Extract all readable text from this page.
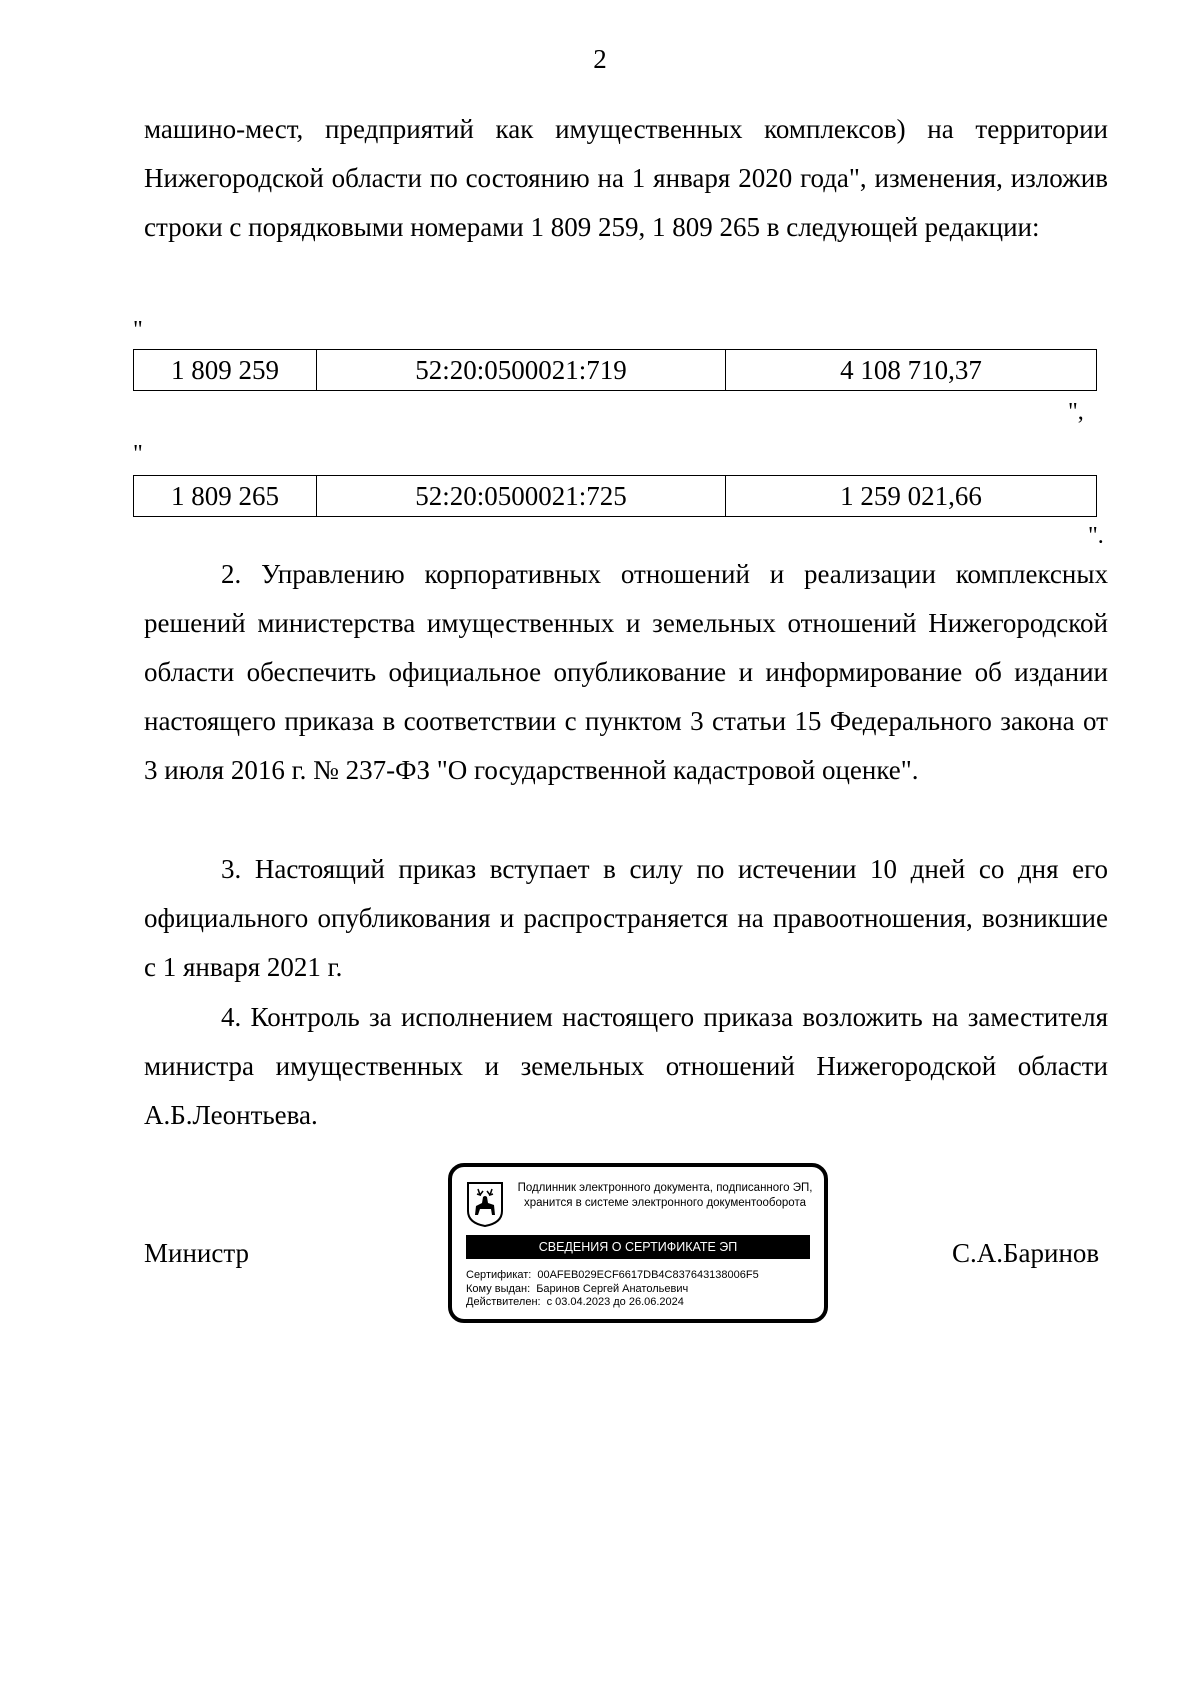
2
машино-мест, предприятий как имущественных комплексов) на территории Нижегородской области по состоянию на 1 января 2020 года", изменения, изложив строки с порядковыми номерами 1 809 259, 1 809 265 в следующей редакции:
"
1 809 259	52:20:0500021:719	4 108 710,37
",
"
1 809 265	52:20:0500021:725	1 259 021,66
".
2. Управлению корпоративных отношений и реализации комплексных решений министерства имущественных и земельных отношений Нижегородской области обеспечить официальное опубликование и информирование об издании настоящего приказа в соответствии с пунктом 3 статьи 15 Федерального закона от 3 июля 2016 г. № 237-ФЗ "О государственной кадастровой оценке".
3. Настоящий приказ вступает в силу по истечении 10 дней со дня его официального опубликования и распространяется на правоотношения, возникшие с 1 января 2021 г.
4. Контроль за исполнением настоящего приказа возложить на заместителя министра имущественных и земельных отношений Нижегородской области А.Б.Леонтьева.
Министр	С.А.Баринов
Подлинник электронного документа, подписанного ЭП,
хранится в системе электронного документооборота
СВЕДЕНИЯ О СЕРТИФИКАТЕ ЭП
Сертификат: 00AFEB029ECF6617DB4C837643138006F5
Кому выдан: Баринов Сергей Анатольевич
Действителен: с 03.04.2023 до 26.06.2024
